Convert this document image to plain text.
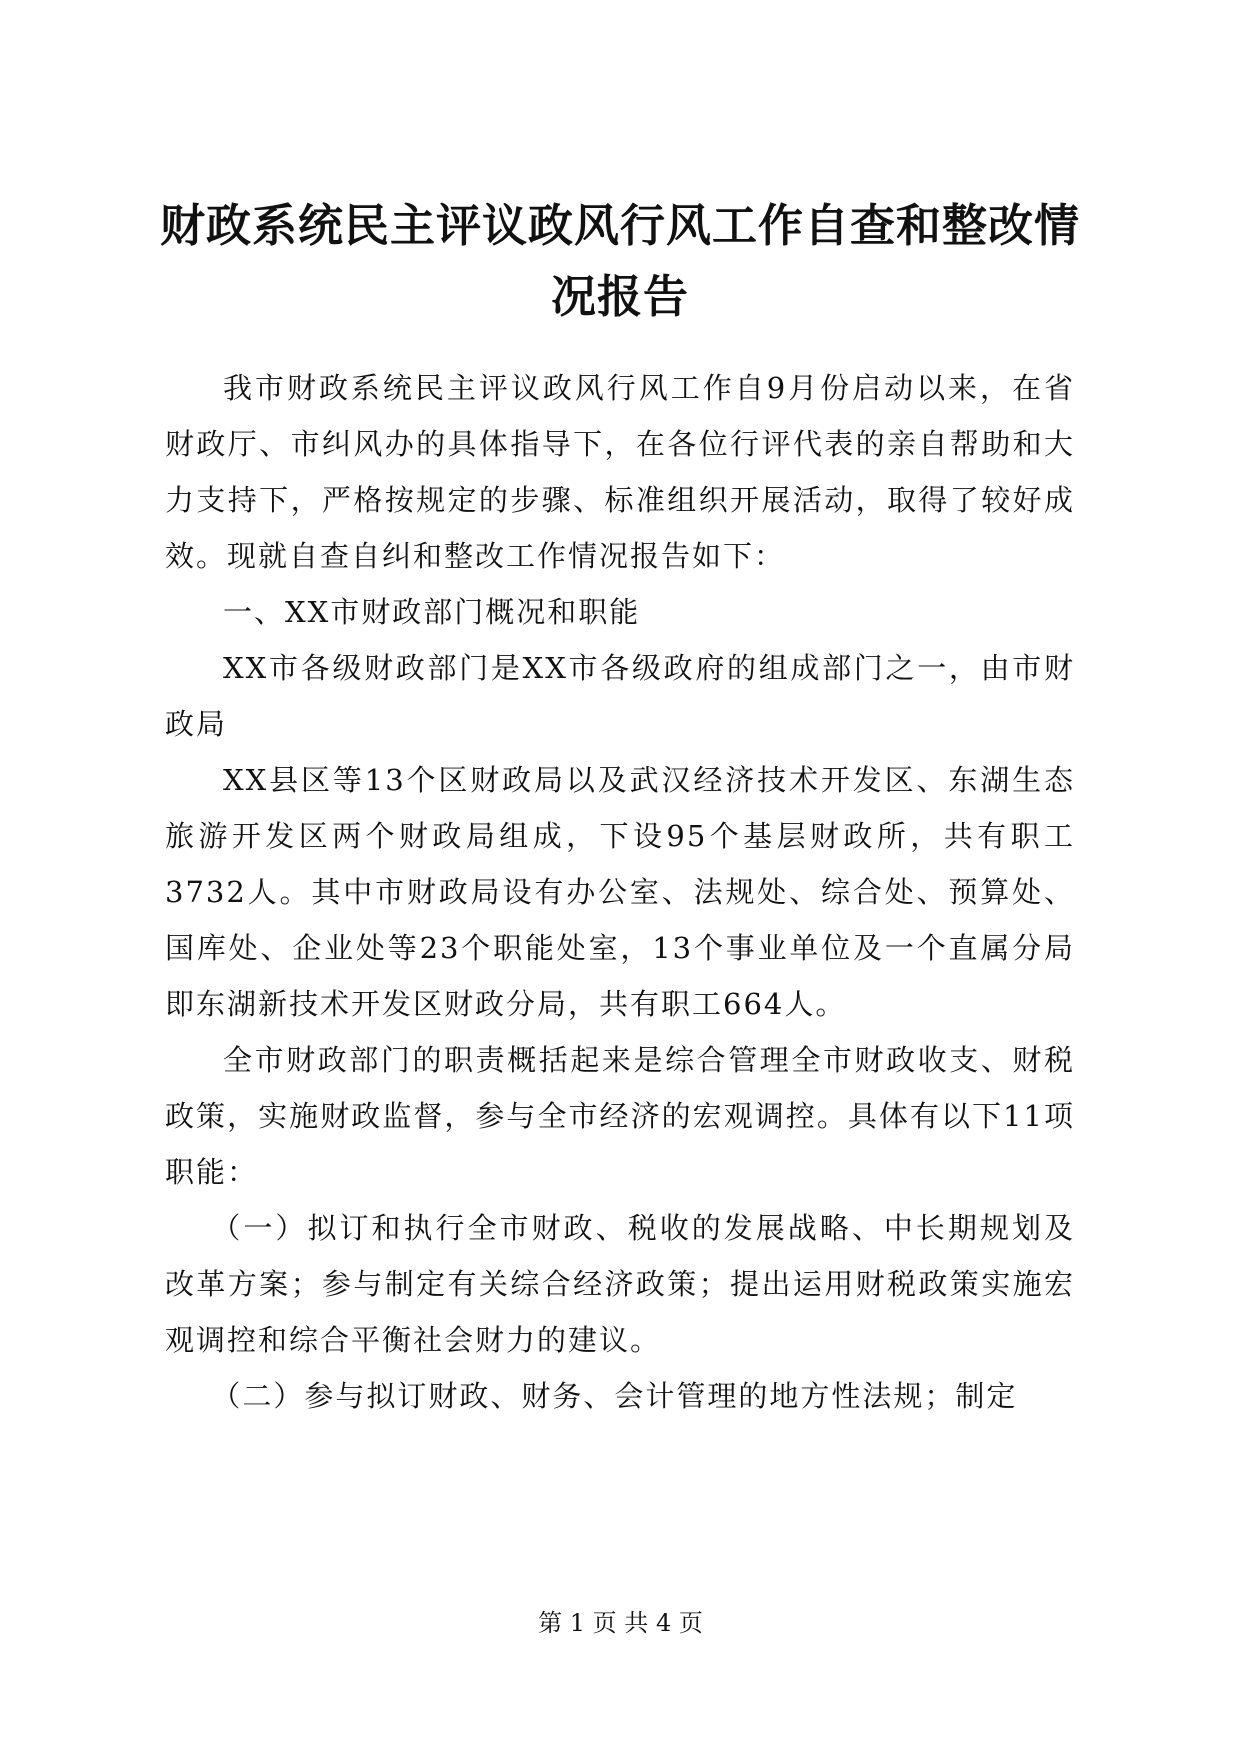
财政系统民主评议政风行风工作自查和整改情况报告

我市财政系统民主评议政风行风工作自9月份启动以来，在省财政厅、市纠风办的具体指导下，在各位行评代表的亲自帮助和大力支持下，严格按规定的步骤、标准组织开展活动，取得了较好成效。现就自查自纠和整改工作情况报告如下：

一、XX市财政部门概况和职能

XX市各级财政部门是XX市各级政府的组成部门之一，由市财政局

XX县区等13个区财政局以及武汉经济技术开发区、东湖生态旅游开发区两个财政局组成，下设95个基层财政所，共有职工3732人。其中市财政局设有办公室、法规处、综合处、预算处、国库处、企业处等23个职能处室，13个事业单位及一个直属分局即东湖新技术开发区财政分局，共有职工664人。

全市财政部门的职责概括起来是综合管理全市财政收支、财税政策，实施财政监督，参与全市经济的宏观调控。具体有以下11项职能：

（一）拟订和执行全市财政、税收的发展战略、中长期规划及改革方案；参与制定有关综合经济政策；提出运用财税政策实施宏观调控和综合平衡社会财力的建议。

（二）参与拟订财政、财务、会计管理的地方性法规；制定

第 1 页 共 4 页
